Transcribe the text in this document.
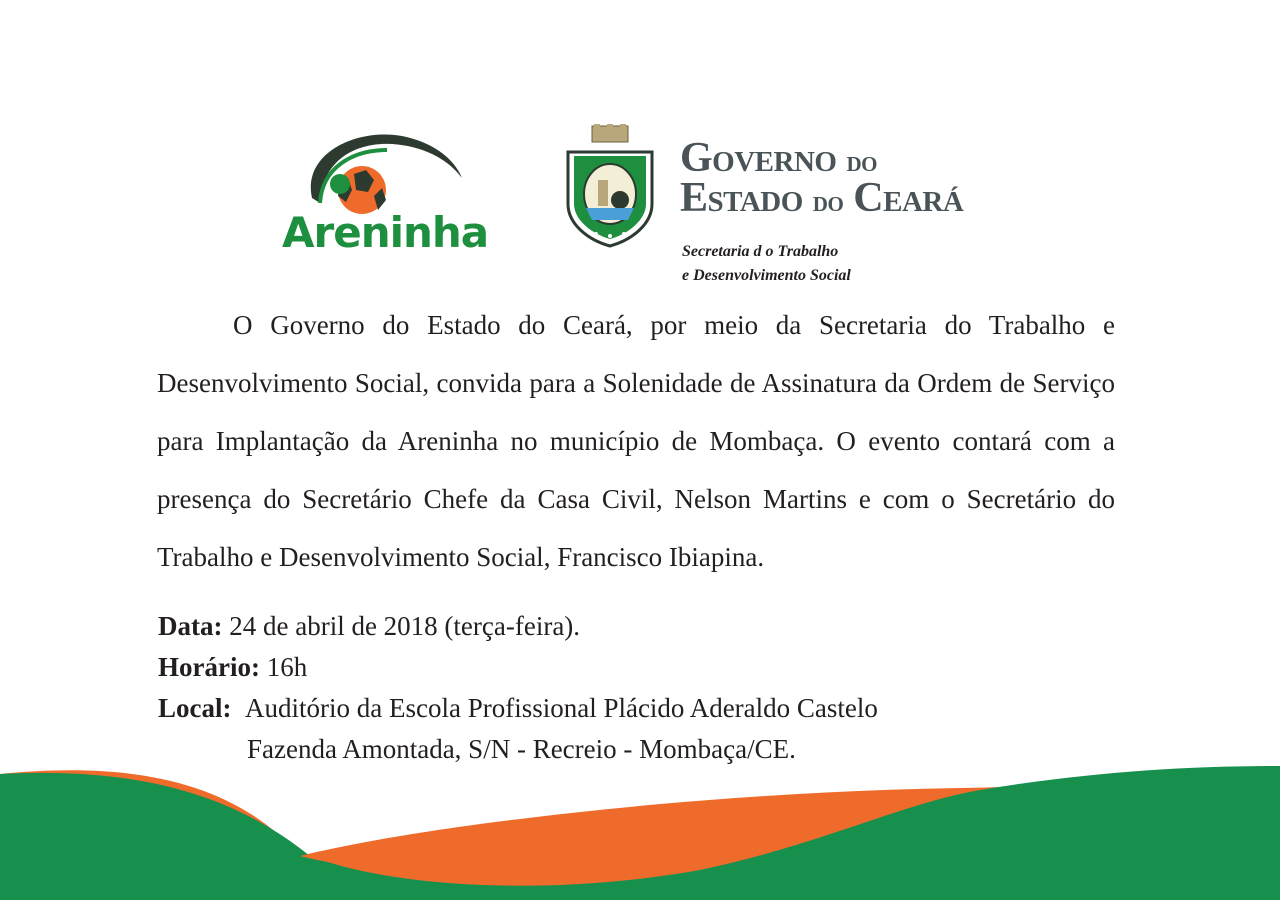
Areninha
Governo do
Estado do Ceará
Secretaria d o Trabalho
e Desenvolvimento Social

O Governo do Estado do Ceará, por meio da Secretaria do Trabalho e Desenvolvimento Social, convida para a Solenidade de Assinatura da Ordem de Serviço para Implantação da Areninha no município de Mombaça. O evento contará com a presença do Secretário Chefe da Casa Civil, Nelson Martins e com o Secretário do Trabalho e Desenvolvimento Social, Francisco Ibiapina.

Data: 24 de abril de 2018 (terça-feira).
Horário: 16h
Local: Auditório da Escola Profissional Plácido Aderaldo Castelo
Fazenda Amontada, S/N - Recreio - Mombaça/CE.
